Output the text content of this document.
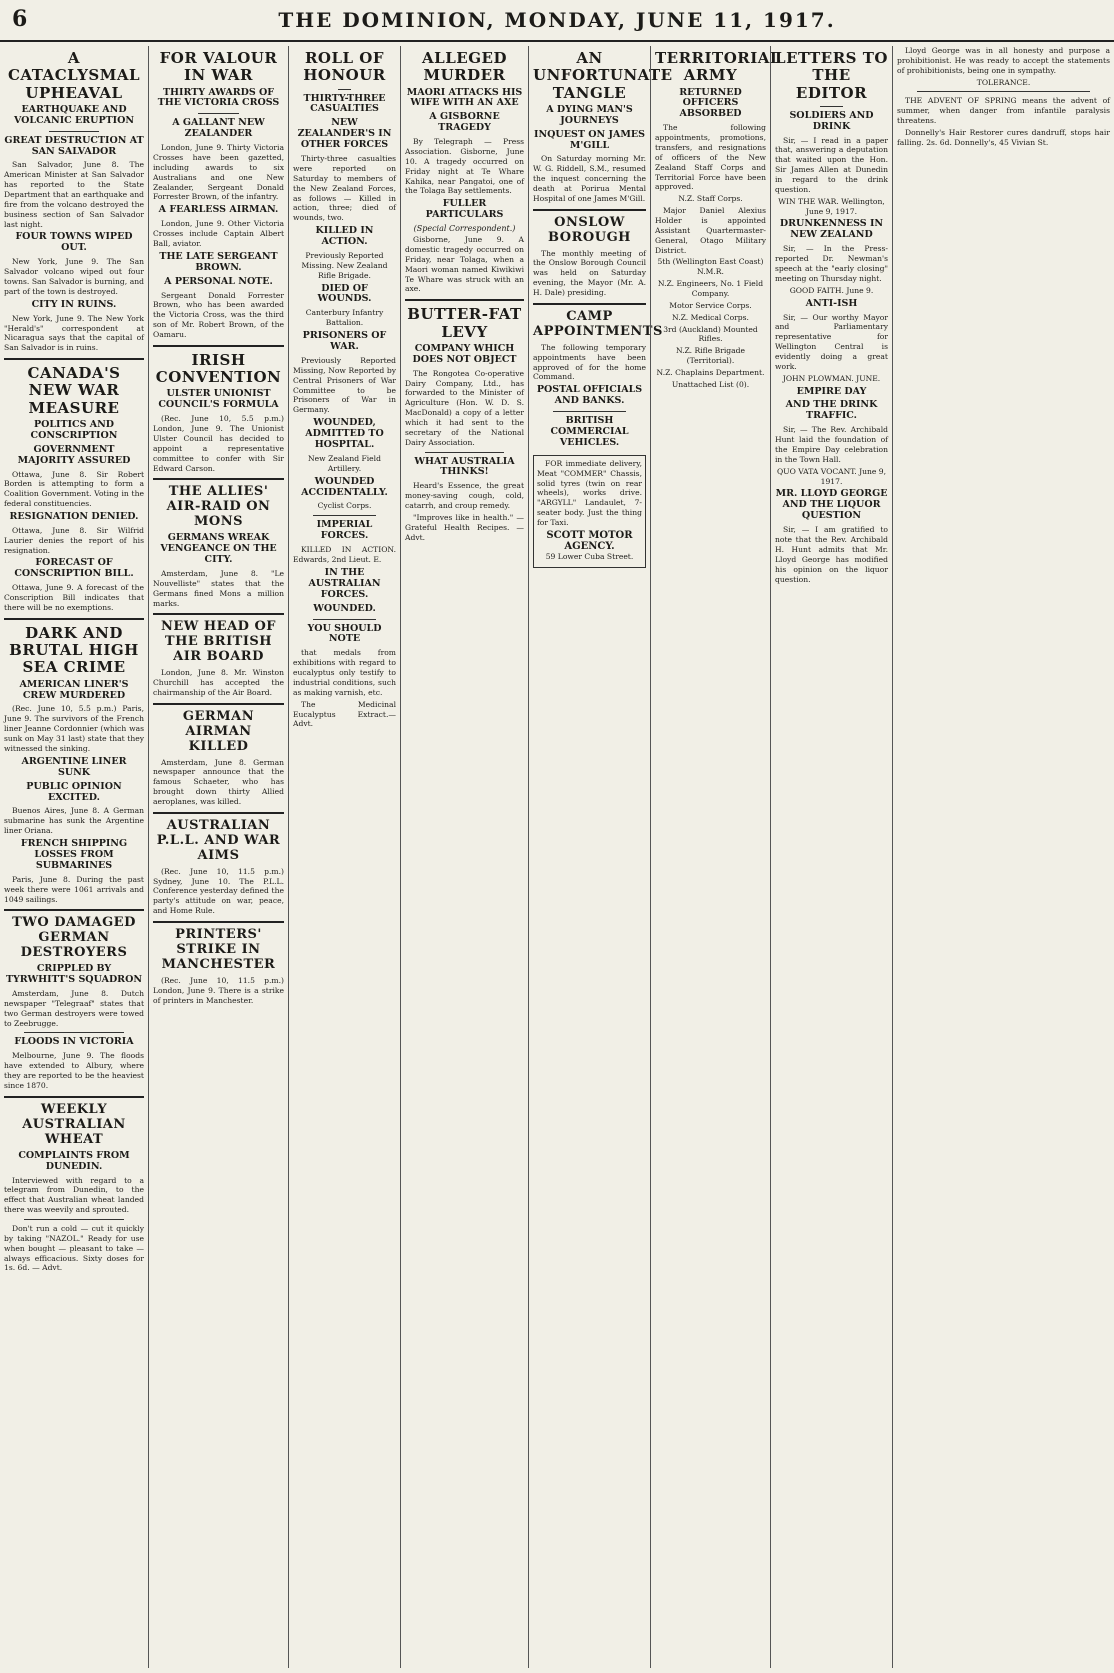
6	THE DOMINION, MONDAY, JUNE 11, 1917.
A CATACLYSMAL UPHEAVAL
EARTHQUAKE AND VOLCANIC ERUPTION
GREAT DESTRUCTION AT SAN SALVADOR

San Salvador, June 8. The American Minister at San Salvador has reported to the State Department that an earthquake and fire from the volcano destroyed the business section of San Salvador last night.

FOUR TOWNS WIPED OUT.

New York, June 9. The San Salvador volcano wiped out four towns. San Salvador is burning, and part of the town is destroyed.

CITY IN RUINS.

New York, June 9. The New York "Herald's" correspondent at Nicaragua says that the capital of San Salvador is in ruins.

CANADA'S NEW WAR MEASURE
POLITICS AND CONSCRIPTION
GOVERNMENT MAJORITY ASSURED

Ottawa, June 8. Sir Robert Borden is attempting to form a Coalition Government. Voting in the federal constituencies.

RESIGNATION DENIED.

Ottawa, June 8. Sir Wilfrid Laurier denies the report of his resignation.

FORECAST OF CONSCRIPTION BILL.

Ottawa, June 9. A forecast of the Conscription Bill indicates that there will be no exemptions.

DARK AND BRUTAL HIGH SEA CRIME
AMERICAN LINER'S CREW MURDERED

(Rec. June 10, 5.5 p.m.) Paris, June 9. The survivors of the French liner Jeanne Cordonnier (which was sunk on May 31 last) state that they witnessed the sinking.

ARGENTINE LINER SUNK
PUBLIC OPINION EXCITED.

Buenos Aires, June 8. A German submarine has sunk the Argentine liner Oriana.

FRENCH SHIPPING LOSSES FROM SUBMARINES

Paris, June 8. During the past week there were 1061 arrivals and 1049 sailings.

TWO DAMAGED GERMAN DESTROYERS
CRIPPLED BY TYRWHITT'S SQUADRON

Amsterdam, June 8. Dutch newspaper "Telegraaf" states that two German destroyers were towed to Zeebrugge.

FLOODS IN VICTORIA

Melbourne, June 9. The floods have extended to Albury, where they are reported to be the heaviest since 1870.

WEEKLY AUSTRALIAN WHEAT
COMPLAINTS FROM DUNEDIN.

Interviewed with regard to a telegram from Dunedin, to the effect that Australian wheat landed there was weevily and sprouted.

Don't run a cold — cut it quickly by taking "NAZOL." Ready for use when bought — pleasant to take — always efficacious. Sixty doses for 1s. 6d. — Advt.

FOR VALOUR IN WAR
THIRTY AWARDS OF THE VICTORIA CROSS
A GALLANT NEW ZEALANDER

London, June 9. Thirty Victoria Crosses have been gazetted, including awards to six Australians and one New Zealander, Sergeant Donald Forrester Brown, of the infantry.

A FEARLESS AIRMAN.

London, June 9. Other Victoria Crosses include Captain Albert Ball, aviator.

THE LATE SERGEANT BROWN.
A PERSONAL NOTE.

Sergeant Donald Forrester Brown, who has been awarded the Victoria Cross, was the third son of Mr. Robert Brown, of the Oamaru.

IRISH CONVENTION
ULSTER UNIONIST COUNCIL'S FORMULA

(Rec. June 10, 5.5 p.m.) London, June 9. The Unionist Ulster Council has decided to appoint a representative committee to confer with Sir Edward Carson.

THE ALLIES' AIR-RAID ON MONS
GERMANS WREAK VENGEANCE ON THE CITY.

Amsterdam, June 8. "Le Nouvelliste" states that the Germans fined Mons a million marks.

NEW HEAD OF THE BRITISH AIR BOARD

London, June 8. Mr. Winston Churchill has accepted the chairmanship of the Air Board.

GERMAN AIRMAN KILLED

Amsterdam, June 8. German newspaper announce that the famous Schaeter, who has brought down thirty Allied aeroplanes, was killed.

AUSTRALIAN P.L.L. AND WAR AIMS

(Rec. June 10, 11.5 p.m.) Sydney, June 10. The P.L.L. Conference yesterday defined the party's attitude on war, peace, and Home Rule.

PRINTERS' STRIKE IN MANCHESTER

(Rec. June 10, 11.5 p.m.) London, June 9. There is a strike of printers in Manchester.

ROLL OF HONOUR
THIRTY-THREE CASUALTIES
NEW ZEALANDER'S IN OTHER FORCES

Thirty-three casualties were reported on Saturday to members of the New Zealand Forces, as follows — Killed in action, three; died of wounds, two.

KILLED IN ACTION.

Previously Reported Missing. New Zealand Rifle Brigade.

DIED OF WOUNDS.

Canterbury Infantry Battalion.

PRISONERS OF WAR.

Previously Reported Missing, Now Reported by Central Prisoners of War Committee to be Prisoners of War in Germany.

WOUNDED, ADMITTED TO HOSPITAL.

New Zealand Field Artillery.

WOUNDED ACCIDENTALLY.

Cyclist Corps.

IMPERIAL FORCES.

KILLED IN ACTION. Edwards, 2nd Lieut. E.

IN THE AUSTRALIAN FORCES.
WOUNDED.
YOU SHOULD NOTE

that medals from exhibitions with regard to eucalyptus only testify to industrial conditions, such as making varnish, etc.

The Medicinal Eucalyptus Extract.— Advt.

ALLEGED MURDER
MAORI ATTACKS HIS WIFE WITH AN AXE
A GISBORNE TRAGEDY

By Telegraph — Press Association. Gisborne, June 10. A tragedy occurred on Friday night at Te Whare Kahika, near Pangatoi, one of the Tolaga Bay settlements.

FULLER PARTICULARS
(Special Correspondent.)

Gisborne, June 9. A domestic tragedy occurred on Friday, near Tolaga, when a Maori woman named Kiwikiwi Te Whare was struck with an axe.

BUTTER-FAT LEVY
COMPANY WHICH DOES NOT OBJECT

The Rongotea Co-operative Dairy Company, Ltd., has forwarded to the Minister of Agriculture (Hon. W. D. S. MacDonald) a copy of a letter which it had sent to the secretary of the National Dairy Association.

WHAT AUSTRALIA THINKS!

Heard's Essence, the great money-saving cough, cold, catarrh, and croup remedy.

"Improves like in health." — Grateful Health Recipes. — Advt.

AN UNFORTUNATE TANGLE
A DYING MAN'S JOURNEYS
INQUEST ON JAMES M'GILL

On Saturday morning Mr. W. G. Riddell, S.M., resumed the inquest concerning the death at Porirua Mental Hospital of one James M'Gill.

ONSLOW BOROUGH

The monthly meeting of the Onslow Borough Council was held on Saturday evening, the Mayor (Mr. A. H. Dale) presiding.

CAMP APPOINTMENTS

The following temporary appointments have been approved of for the home Command.

POSTAL OFFICIALS AND BANKS.
BRITISH COMMERCIAL VEHICLES.

FOR immediate delivery, Meat "COMMER" Chassis, solid tyres (twin on rear wheels), works drive. "ARGYLL" Landaulet, 7-seater body. Just the thing for Taxi.

SCOTT MOTOR AGENCY.

59 Lower Cuba Street.

TERRITORIAL ARMY
RETURNED OFFICERS ABSORBED

The following appointments, promotions, transfers, and resignations of officers of the New Zealand Staff Corps and Territorial Force have been approved.

N.Z. Staff Corps.

Major Daniel Alexius Holder is appointed Assistant Quartermaster-General, Otago Military District.

5th (Wellington East Coast) N.M.R.

N.Z. Engineers, No. 1 Field Company.

Motor Service Corps.

N.Z. Medical Corps.

3rd (Auckland) Mounted Rifles.

N.Z. Rifle Brigade (Territorial).

N.Z. Chaplains Department.

Unattached List (0).

LETTERS TO THE EDITOR
SOLDIERS AND DRINK

Sir, — I read in a paper that, answering a deputation that waited upon the Hon. Sir James Allen at Dunedin in regard to the drink question.

WIN THE WAR. Wellington, June 9, 1917.

DRUNKENNESS IN NEW ZEALAND

Sir, — In the Press-reported Dr. Newman's speech at the "early closing" meeting on Thursday night.

GOOD FAITH. June 9.

ANTI-ISH

Sir, — Our worthy Mayor and Parliamentary representative for Wellington Central is evidently doing a great work.

JOHN PLOWMAN. JUNE.

EMPIRE DAY
AND THE DRINK TRAFFIC.

Sir, — The Rev. Archibald Hunt laid the foundation of the Empire Day celebration in the Town Hall.

QUO VATA VOCANT. June 9, 1917.

MR. LLOYD GEORGE AND THE LIQUOR QUESTION

Sir, — I am gratified to note that the Rev. Archibald H. Hunt admits that Mr. Lloyd George has modified his opinion on the liquor question.

Lloyd George was in all honesty and purpose a prohibitionist. He was ready to accept the statements of prohibitionists, being one in sympathy.

TOLERANCE.

THE ADVENT OF SPRING means the advent of summer, when danger from infantile paralysis threatens.

Donnelly's Hair Restorer cures dandruff, stops hair falling. 2s. 6d. Donnelly's, 45 Vivian St.
